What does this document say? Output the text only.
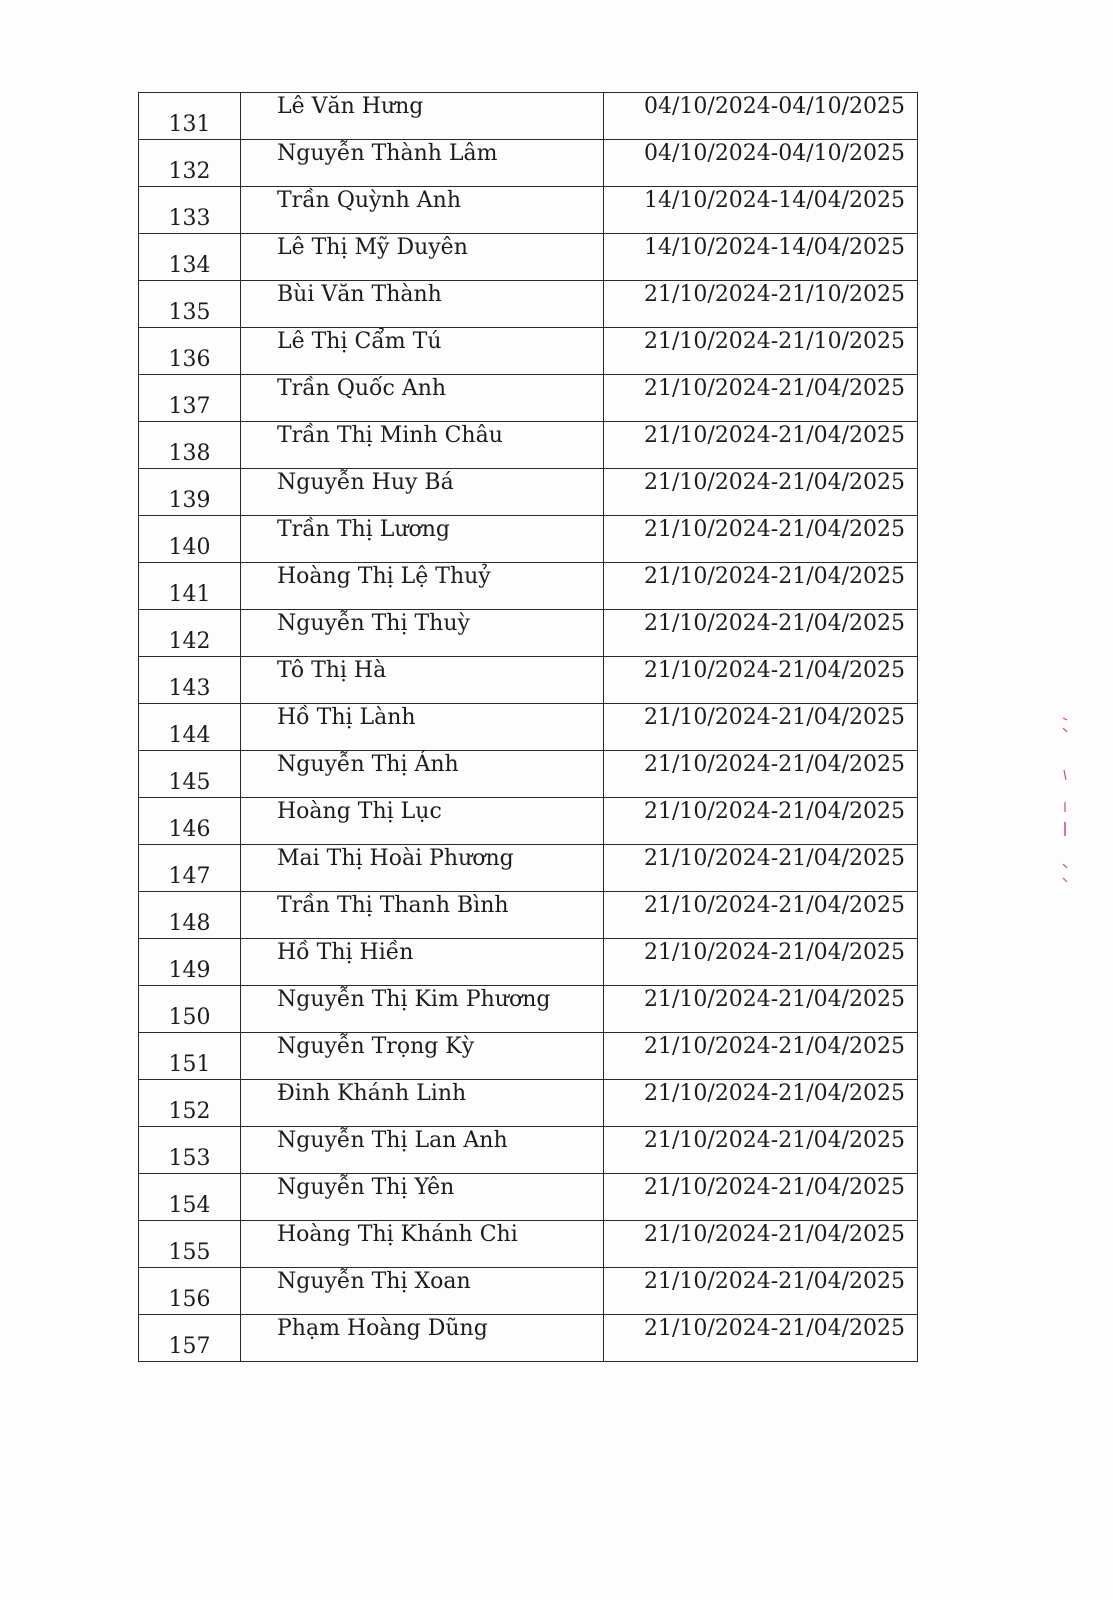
131	Lê Văn Hưng	04/10/2024-04/10/2025
132	Nguyễn Thành Lâm	04/10/2024-04/10/2025
133	Trần Quỳnh Anh	14/10/2024-14/04/2025
134	Lê Thị Mỹ Duyên	14/10/2024-14/04/2025
135	Bùi Văn Thành	21/10/2024-21/10/2025
136	Lê Thị Cẩm Tú	21/10/2024-21/10/2025
137	Trần Quốc Anh	21/10/2024-21/04/2025
138	Trần Thị Minh Châu	21/10/2024-21/04/2025
139	Nguyễn Huy Bá	21/10/2024-21/04/2025
140	Trần Thị Lương	21/10/2024-21/04/2025
141	Hoàng Thị Lệ Thuỷ	21/10/2024-21/04/2025
142	Nguyễn Thị Thuỳ	21/10/2024-21/04/2025
143	Tô Thị Hà	21/10/2024-21/04/2025
144	Hồ Thị Lành	21/10/2024-21/04/2025
145	Nguyễn Thị Ánh	21/10/2024-21/04/2025
146	Hoàng Thị Lục	21/10/2024-21/04/2025
147	Mai Thị Hoài Phương	21/10/2024-21/04/2025
148	Trần Thị Thanh Bình	21/10/2024-21/04/2025
149	Hồ Thị Hiền	21/10/2024-21/04/2025
150	Nguyễn Thị Kim Phương	21/10/2024-21/04/2025
151	Nguyễn Trọng Kỳ	21/10/2024-21/04/2025
152	Đinh Khánh Linh	21/10/2024-21/04/2025
153	Nguyễn Thị Lan Anh	21/10/2024-21/04/2025
154	Nguyễn Thị Yên	21/10/2024-21/04/2025
155	Hoàng Thị Khánh Chi	21/10/2024-21/04/2025
156	Nguyễn Thị Xoan	21/10/2024-21/04/2025
157	Phạm Hoàng Dũng	21/10/2024-21/04/2025
